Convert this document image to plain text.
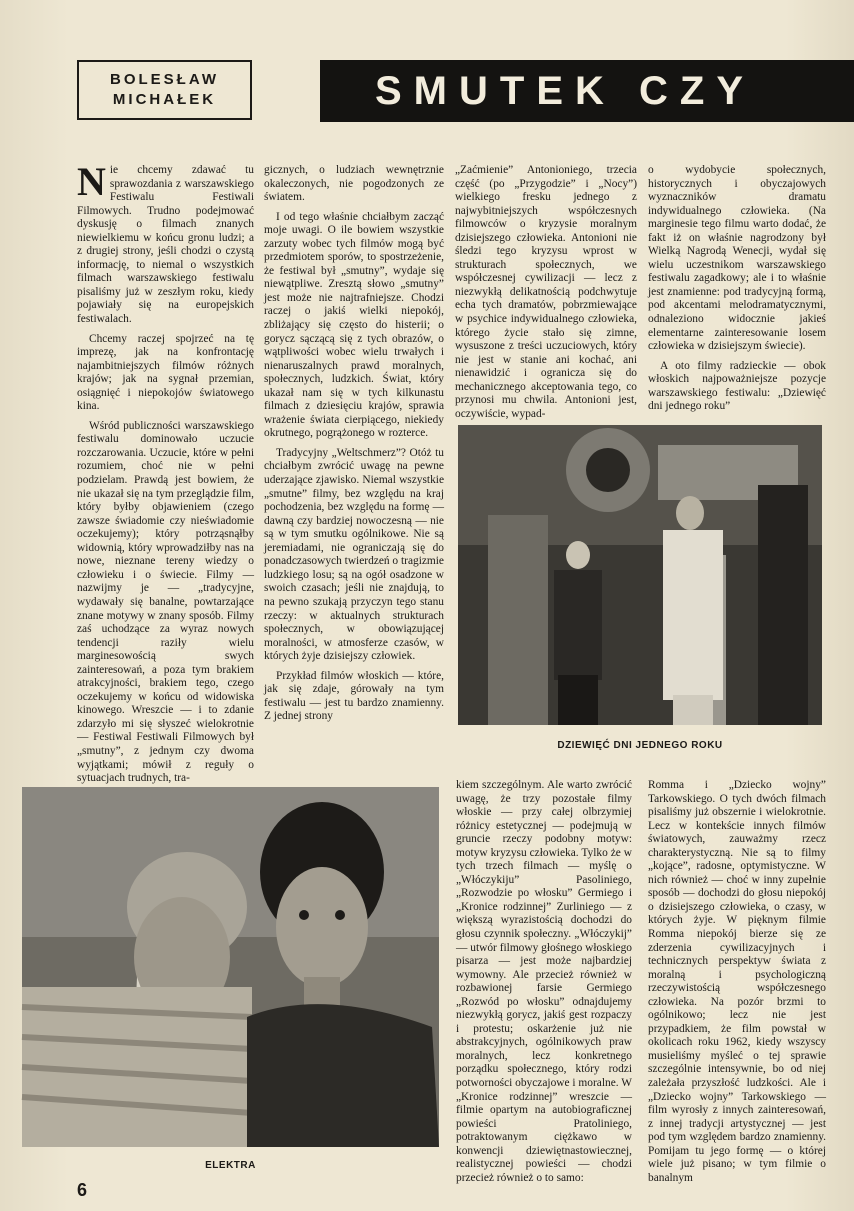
BOLESŁAW
MICHAŁEK	SMUTEK CZY

Nie chcemy zdawać tu sprawozdania z warszawskiego Festiwalu Festiwali Filmowych. Trudno podejmować dyskusję o filmach znanych niewielkiemu w końcu gronu ludzi; a z drugiej strony, jeśli chodzi o czystą informację, to niemal o wszystkich filmach warszawskiego festiwalu pisaliśmy już w zeszłym roku, kiedy pojawiały się na europejskich festiwalach.

Chcemy raczej spojrzeć na tę imprezę, jak na konfrontację najambitniejszych filmów różnych krajów; jak na sygnał przemian, osiągnięć i niepokojów światowego kina.

Wśród publiczności warszawskiego festiwalu dominowało uczucie rozczarowania. Uczucie, które w pełni rozumiem, choć nie w pełni podzielam. Prawdą jest bowiem, że nie ukazał się na tym przeglądzie film, który byłby objawieniem (czego zawsze świadomie czy nieświadomie oczekujemy); który potrząsnąłby widownią, który wprowadziłby nas na nowe, nieznane tereny wiedzy o człowieku i o świecie. Filmy — nazwijmy je — „tradycyjne, wydawały się banalne, powtarzające znane motywy w znany sposób. Filmy zaś uchodzące za wyraz nowych tendencji raziły wielu marginesowością swych zainteresowań, a poza tym brakiem atrakcyjności, brakiem tego, czego oczekujemy w końcu od widowiska kinowego. Wreszcie — i to zdanie zdarzyło mi się słyszeć wielokrotnie — Festiwal Festiwali Filmowych był „smutny”, z jednym czy dwoma wyjątkami; mówił z reguły o sytuacjach trudnych, tra-

gicznych, o ludziach wewnętrznie okaleczonych, nie pogodzonych ze światem.

I od tego właśnie chciałbym zacząć moje uwagi. O ile bowiem wszystkie zarzuty wobec tych filmów mogą być przedmiotem sporów, to spostrzeżenie, że festiwal był „smutny”, wydaje się niewątpliwe. Zresztą słowo „smutny” jest może nie najtrafniejsze. Chodzi raczej o jakiś wielki niepokój, zbliżający się często do histerii; o gorycz sączącą się z tych obrazów, o wątpliwości wobec wielu trwałych i nienaruszalnych prawd moralnych, społecznych, ludzkich. Świat, który ukazał nam się w tych kilkunastu filmach z dziesięciu krajów, sprawia wrażenie świata cierpiącego, niekiedy okrutnego, pogrążonego w rozterce.

Tradycyjny „Weltschmerz”? Otóż tu chciałbym zwrócić uwagę na pewne uderzające zjawisko. Niemal wszystkie „smutne” filmy, bez względu na kraj pochodzenia, bez względu na formę — dawną czy bardziej nowoczesną — nie są w tym smutku ogólnikowe. Nie są jeremiadami, nie ograniczają się do ponadczasowych twierdzeń o tragizmie ludzkiego losu; są na ogół osadzone w swoich czasach; jeśli nie znajdują, to na pewno szukają przyczyn tego stanu rzeczy: w aktualnych strukturach społecznych, w obowiązującej moralności, w atmosferze czasów, w których żyje dzisiejszy człowiek.

Przykład filmów włoskich — które, jak się zdaje, górowały na tym festiwalu — jest tu bardzo znamienny. Z jednej strony

„Zaćmienie” Antonioniego, trzecia część (po „Przygodzie” i „Nocy”) wielkiego fresku jednego z najwybitniejszych współczesnych filmowców o kryzysie moralnym dzisiejszego człowieka. Antonioni nie śledzi tego kryzysu wprost w strukturach społecznych, we współczesnej cywilizacji — lecz z niezwykłą delikatnością podchwytuje echa tych dramatów, pobrzmiewające w psychice indywidualnego człowieka, którego życie stało się zimne, wysuszone z treści uczuciowych, który nie jest w stanie ani kochać, ani nienawidzić i ogranicza się do mechanicznego akceptowania tego, co przynosi mu chwila. Antonioni jest, oczywiście, wypad-

o wydobycie społecznych, historycznych i obyczajowych wyznaczników dramatu indywidualnego człowieka. (Na marginesie tego filmu warto dodać, że fakt iż on właśnie nagrodzony był Wielką Nagrodą Wenecji, wydał się wielu uczestnikom warszawskiego festiwalu zagadkowy; ale i to właśnie jest znamienne: pod tradycyjną formą, pod akcentami melodramatycznymi, odnaleziono widocznie jakieś elementarne zainteresowanie losem człowieka w dzisiejszym świecie).

A oto filmy radzieckie — obok włoskich najpoważniejsze pozycje warszawskiego festiwalu: „Dziewięć dni jednego roku”

DZIEWIĘĆ DNI JEDNEGO ROKU
ELEKTRA

kiem szczególnym. Ale warto zwrócić uwagę, że trzy pozostałe filmy włoskie — przy całej olbrzymiej różnicy estetycznej — podejmują w gruncie rzeczy podobny motyw: motyw kryzysu człowieka. Tylko że w tych trzech filmach — myślę o „Włóczykiju” Pasoliniego, „Rozwodzie po włosku” Germiego i „Kronice rodzinnej” Zurliniego — z większą wyrazistością dochodzi do głosu czynnik społeczny. „Włóczykij” — utwór filmowy głośnego włoskiego pisarza — jest może najbardziej wymowny. Ale przecież również w rozbawionej farsie Germiego „Rozwód po włosku” odnajdujemy niezwykłą gorycz, jakiś gest rozpaczy i protestu; oskarżenie już nie abstrakcyjnych, ogólnikowych praw moralnych, lecz konkretnego porządku społecznego, który rodzi potworności obyczajowe i moralne. W „Kronice rodzinnej” wreszcie — filmie opartym na autobiograficznej powieści Pratoliniego, potraktowanym ciężkawo w konwencji dziewiętnastowiecznej, realistycznej powieści — chodzi przecież również o to samo:

Romma i „Dziecko wojny” Tarkowskiego. O tych dwóch filmach pisaliśmy już obszernie i wielokrotnie. Lecz w kontekście innych filmów światowych, zauważmy rzecz charakterystyczną. Nie są to filmy „kojące”, radosne, optymistyczne. W nich również — choć w inny zupełnie sposób — dochodzi do głosu niepokój o dzisiejszego człowieka, o czasy, w których żyje. W pięknym filmie Romma niepokój bierze się ze zderzenia cywilizacyjnych i technicznych perspektyw świata z moralną i psychologiczną rzeczywistością współczesnego człowieka. Na pozór brzmi to ogólnikowo; lecz nie jest przypadkiem, że film powstał w okolicach roku 1962, kiedy wszyscy musieliśmy myśleć o tej sprawie szczególnie intensywnie, bo od niej zależała przyszłość ludzkości. Ale i „Dziecko wojny” Tarkowskiego — film wyrosły z innych zainteresowań, z innej tradycji artystycznej — jest pod tym względem bardzo znamienny. Pomijam tu jego formę — o której wiele już pisano; w tym filmie o banalnym

6
